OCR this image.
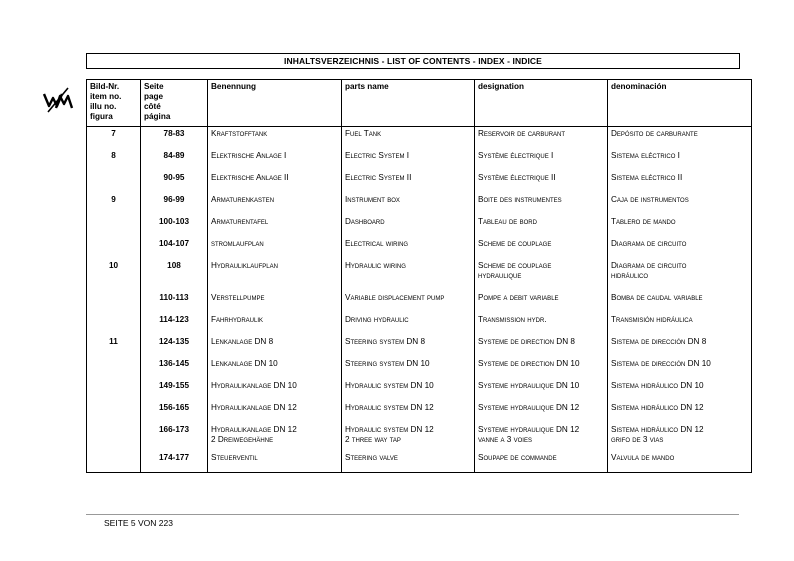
INHALTSVERZEICHNIS - LIST OF CONTENTS - INDEX - INDICE
Bild-Nr.
item no.
illu no.
figura	Seite
page
côté
página	Benennung	parts name	designation	denominación
7	78-83	Kraftstofftank	Fuel Tank	Reservoir de carburant	Depósito de carburante

8	84-89	Elektrische Anlage I	Electric System I	Système électrique I	Sistema eléctrico I

	90-95	Elektrische Anlage II	Electric System II	Système électrique II	Sistema eléctrico II

9	96-99	Armaturenkasten	Instrument box	Boite des instrumentes	Caja de instrumentos

	100-103	Armaturentafel	Dashboard	Tableau de bord	Tablero de mando

	104-107	stromlaufplan	Electrical wiring	Scheme de couplage	Diagrama de circuito

10	108	Hydrauliklaufplan	Hydraulic wiring	Scheme de couplage
hydraulique	Diagrama de circuito
hidráulico

	110-113	Verstellpumpe	Variable displacement pump	Pompe a debit variable	Bomba de caudal variable

	114-123	Fahrhydraulik	Driving hydraulic	Transmission hydr.	Transmisión hidráulica

11	124-135	Lenkanlage DN 8	Steering system DN 8	Systeme de direction DN 8	Sistema de dirección DN 8

	136-145	Lenkanlage DN 10	Steering system DN 10	Systeme de direction DN 10	Sistema de dirección DN 10

	149-155	Hydraulikanlage DN 10	Hydraulic system DN 10	Systeme hydraulique DN 10	Sistema hidráulico DN 10

	156-165	Hydraulikanlage DN 12	Hydraulic system DN 12	Systeme hydraulique DN 12	Sistema hidráulico DN 12

	166-173	Hydraulikanlage DN 12
2 Dreiwegehähne	Hydraulic system DN 12
2 three way tap	Systeme hydraulique DN 12
vanne a 3 voies	Sistema hidráulico DN 12
grifo de 3 vias

	174-177	Steuerventil	Steering valve	Soupape de commande	Valvula de mando
SEITE 5 VON 223
